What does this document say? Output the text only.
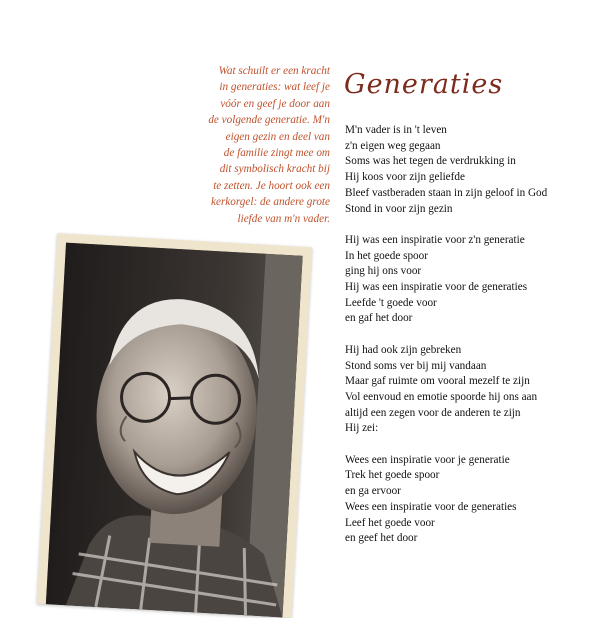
Wat schuilt er een kracht
in generaties: wat leef je
vóór en geef je door aan
de volgende generatie. M'n
eigen gezin en deel van
de familie zingt mee om
dit symbolisch kracht bij
te zetten. Je hoort ook een
kerkorgel: de andere grote
liefde van m'n vader.
Generaties
M'n vader is in 't leven
z'n eigen weg gegaan
Soms was het tegen de verdrukking in
Hij koos voor zijn geliefde
Bleef vastberaden staan in zijn geloof in God
Stond in voor zijn gezin
Hij was een inspiratie voor z'n generatie
In het goede spoor
ging hij ons voor
Hij was een inspiratie voor de generaties
Leefde 't goede voor
en gaf het door
Hij had ook zijn gebreken
Stond soms ver bij mij vandaan
Maar gaf ruimte om vooral mezelf te zijn
Vol eenvoud en emotie spoorde hij ons aan
altijd een zegen voor de anderen te zijn
Hij zei:
Wees een inspiratie voor je generatie
Trek het goede spoor
en ga ervoor
Wees een inspiratie voor de generaties
Leef het goede voor
en geef het door
